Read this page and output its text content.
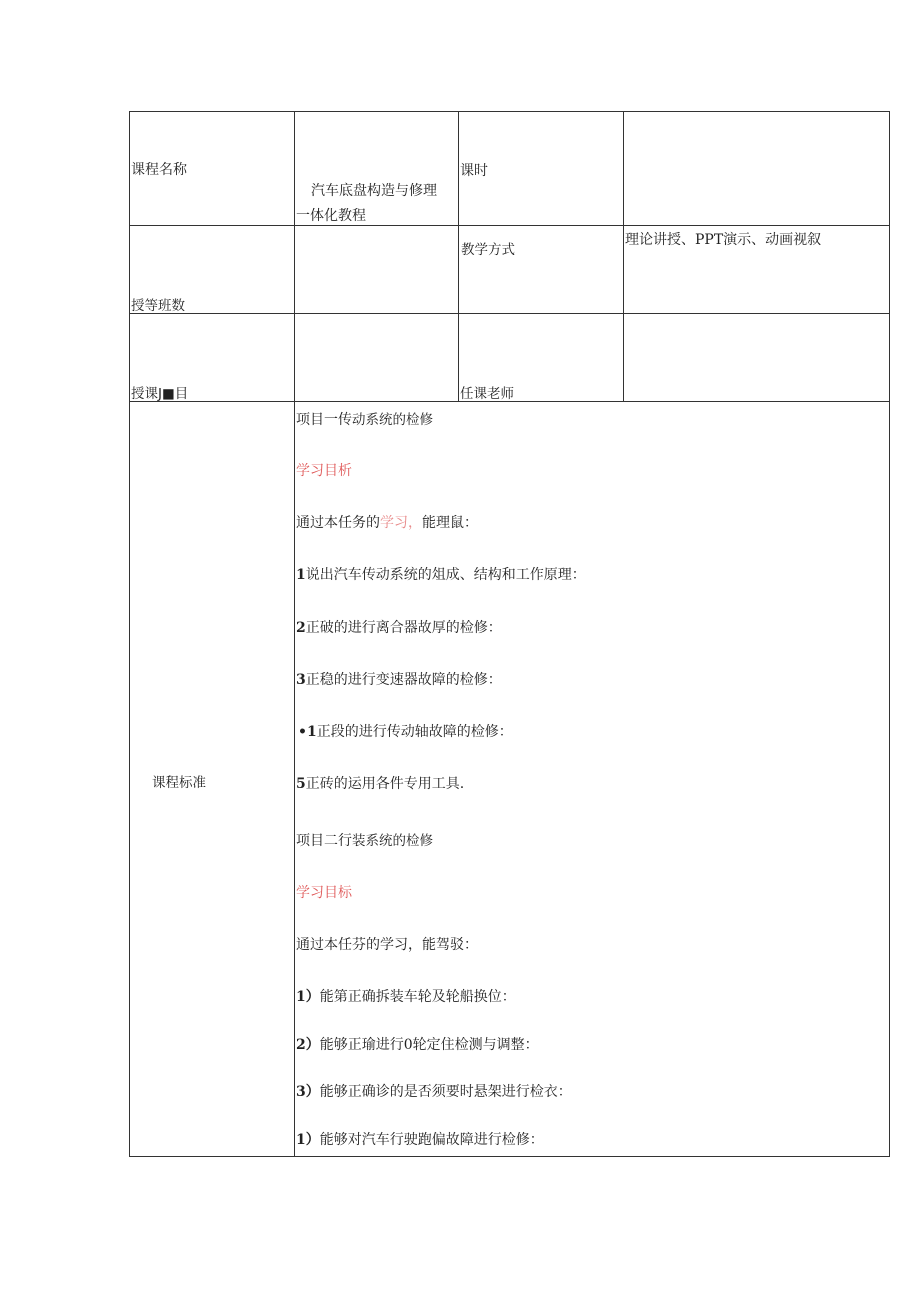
课程名称
汽车底盘构造与修理
一体化教程
课时
授等班数
教学方式
理论讲授、PPT演示、动画视叙
授课J■目	任课老师
课程标准
项目一传动系统的检修
学习目析
通过本任务的学习，能理鼠：
1说出汽车传动系统的俎成、结构和工作原理：
2正破的进行离合器故厚的检修：
3正稳的进行变速器故障的检修：
•1正段的进行传动轴故障的检修：
5正砖的运用各件专用工具.
项目二行装系统的检修
学习目标
通过本任芬的学习，能驾驳：
1）能第正确拆装车轮及轮船换位：
2）能够正瑜进行0轮定住检测与调整：
3）能够正确诊的是否须要时悬架进行检衣：
1）能够对汽车行驶跑偏故障进行检修：
